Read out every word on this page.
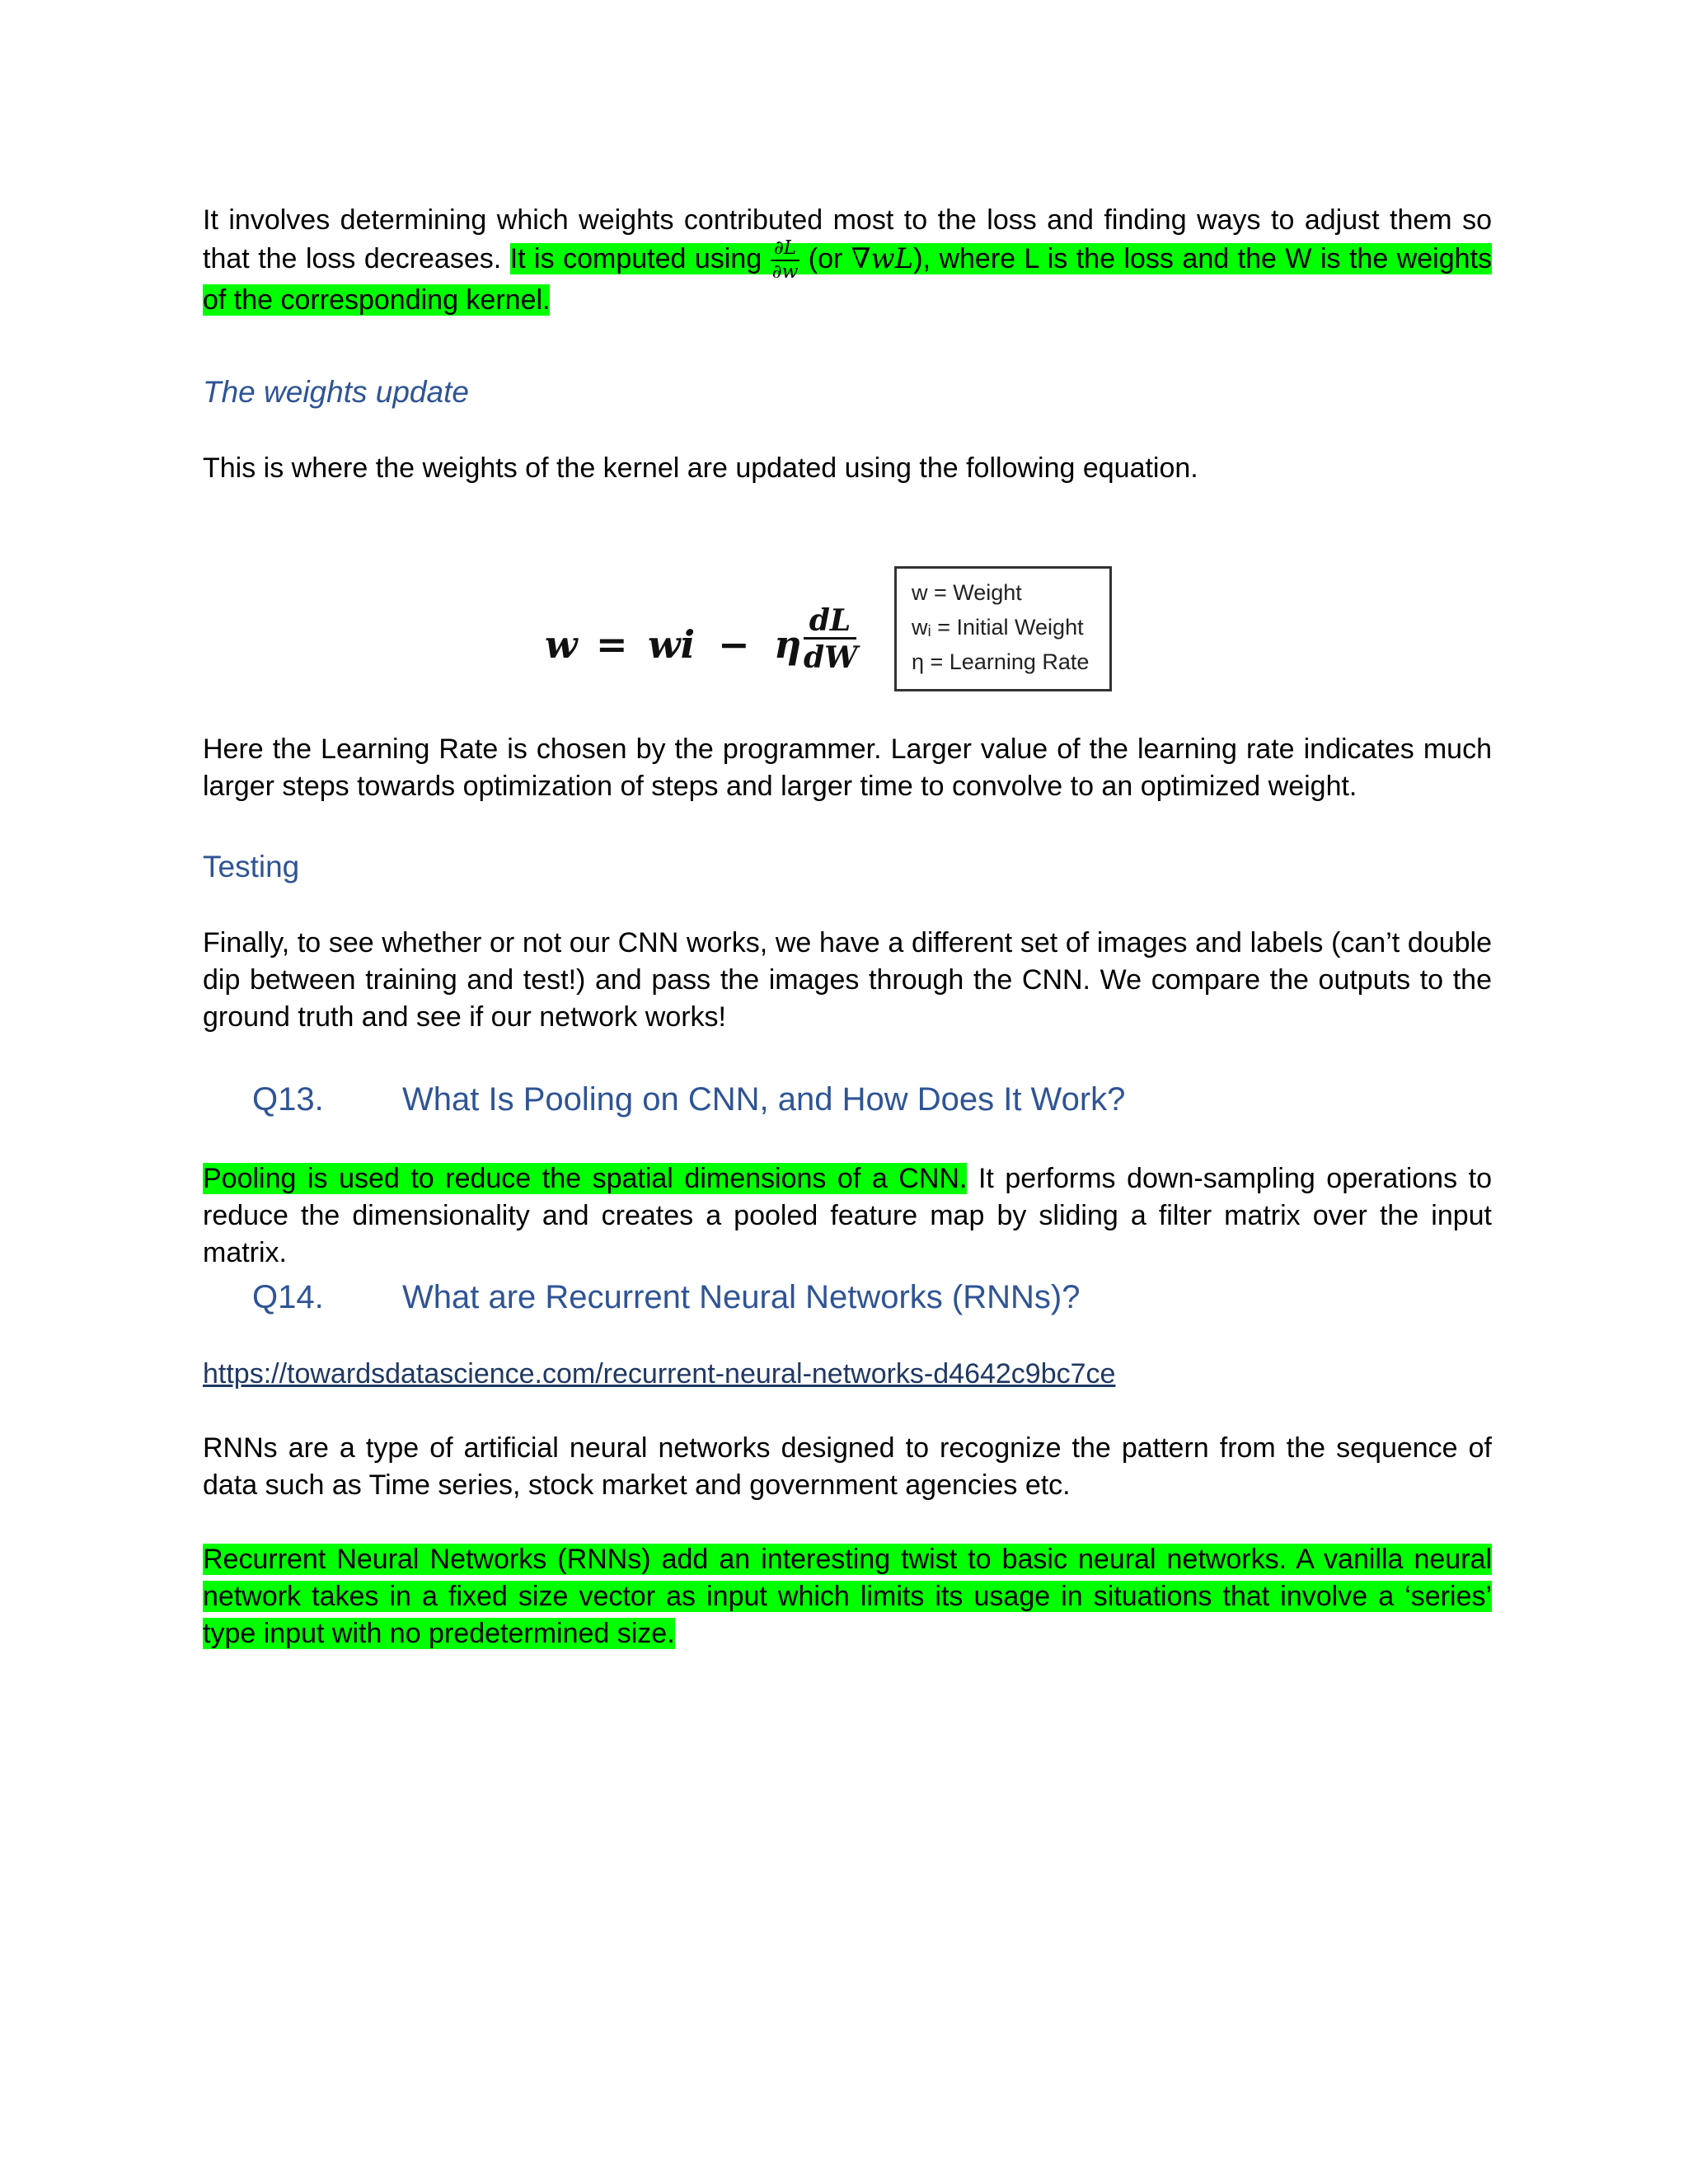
It involves determining which weights contributed most to the loss and finding ways to adjust them so that the loss decreases. It is computed using $\frac{\partial L}{\partial w} (or$ ∇wL), where L is the loss and the W is the weights of the corresponding kernel.

The weights update

This is where the weights of the kernel are updated using the following equation.

w = wi − η $\frac{dL}{dW}$
w = Weight
wᵢ = Initial Weight
η = Learning Rate

Here the Learning Rate is chosen by the programmer. Larger value of the learning rate indicates much larger steps towards optimization of steps and larger time to convolve to an optimized weight.

Testing

Finally, to see whether or not our CNN works, we have a different set of images and labels (can’t double dip between training and test!) and pass the images through the CNN. We compare the outputs to the ground truth and see if our network works!

Q13. What Is Pooling on CNN, and How Does It Work?

Pooling is used to reduce the spatial dimensions of a CNN. It performs down-sampling operations to reduce the dimensionality and creates a pooled feature map by sliding a filter matrix over the input matrix.

Q14. What are Recurrent Neural Networks (RNNs)?
https://towardsdatascience.com/recurrent-neural-networks-d4642c9bc7ce

RNNs are a type of artificial neural networks designed to recognize the pattern from the sequence of data such as Time series, stock market and government agencies etc.

Recurrent Neural Networks (RNNs) add an interesting twist to basic neural networks. A vanilla neural network takes in a fixed size vector as input which limits its usage in situations that involve a ‘series’ type input with no predetermined size.
